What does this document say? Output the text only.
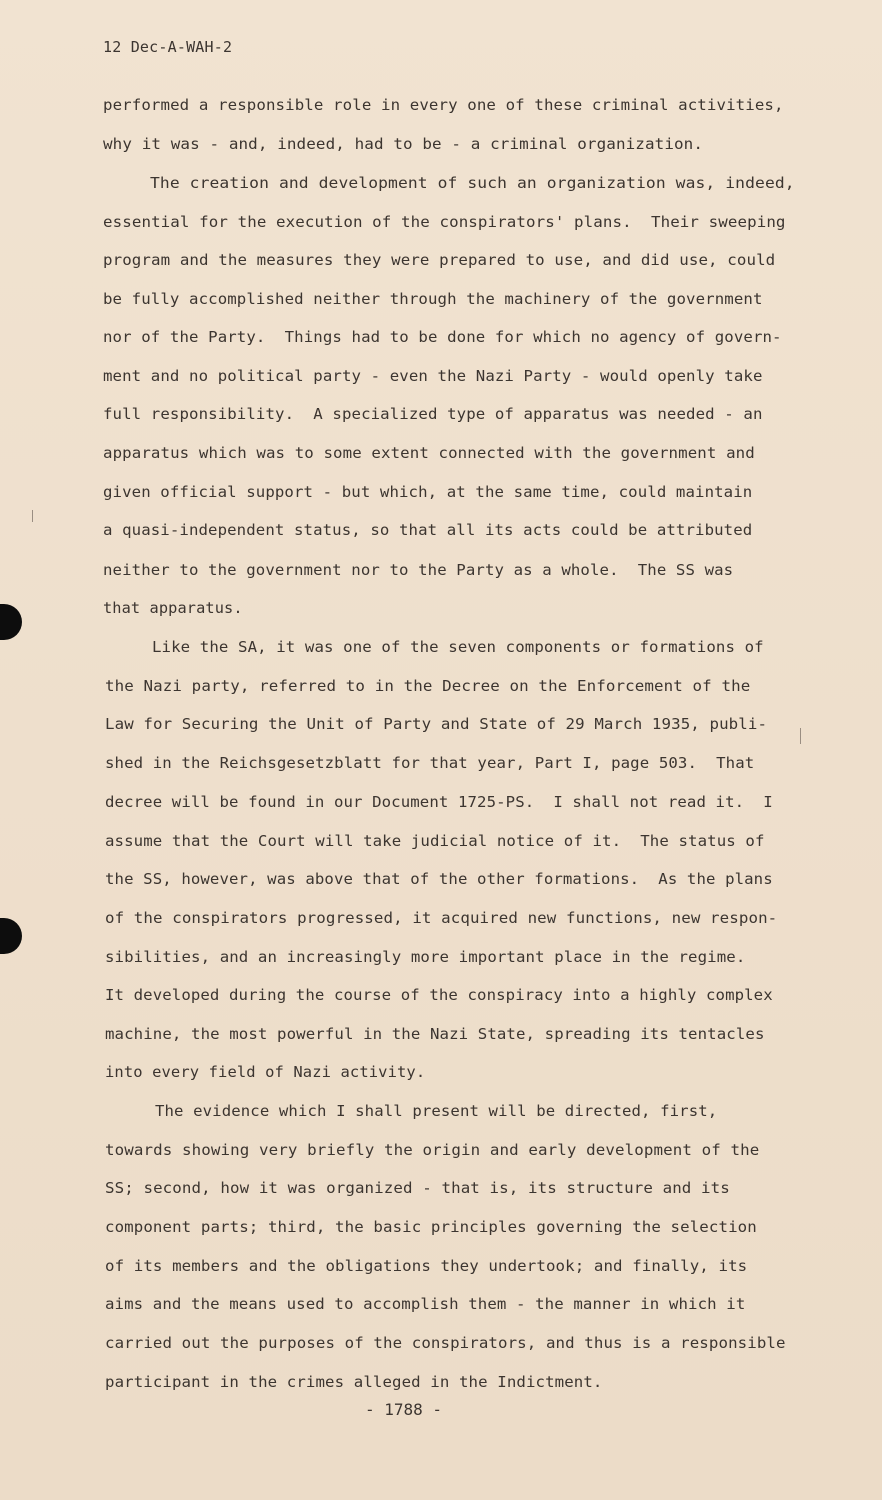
12 Dec-A-WAH-2
performed a responsible role in every one of these criminal activities,
why it was - and, indeed, had to be - a criminal organization.
The creation and development of such an organization was, indeed,
essential for the execution of the conspirators' plans.  Their sweeping
program and the measures they were prepared to use, and did use, could
be fully accomplished neither through the machinery of the government
nor of the Party.  Things had to be done for which no agency of govern-
ment and no political party - even the Nazi Party - would openly take
full responsibility.  A specialized type of apparatus was needed - an
apparatus which was to some extent connected with the government and
given official support - but which, at the same time, could maintain
a quasi-independent status, so that all its acts could be attributed
neither to the government nor to the Party as a whole.  The SS was
that apparatus.
Like the SA, it was one of the seven components or formations of
the Nazi party, referred to in the Decree on the Enforcement of the
Law for Securing the Unit of Party and State of 29 March 1935, publi-
shed in the Reichsgesetzblatt for that year, Part I, page 503.  That
decree will be found in our Document 1725-PS.  I shall not read it.  I
assume that the Court will take judicial notice of it.  The status of
the SS, however, was above that of the other formations.  As the plans
of the conspirators progressed, it acquired new functions, new respon-
sibilities, and an increasingly more important place in the regime.
It developed during the course of the conspiracy into a highly complex
machine, the most powerful in the Nazi State, spreading its tentacles
into every field of Nazi activity.
The evidence which I shall present will be directed, first,
towards showing very briefly the origin and early development of the
SS; second, how it was organized - that is, its structure and its
component parts; third, the basic principles governing the selection
of its members and the obligations they undertook; and finally, its
aims and the means used to accomplish them - the manner in which it
carried out the purposes of the conspirators, and thus is a responsible
participant in the crimes alleged in the Indictment.
- 1788 -
